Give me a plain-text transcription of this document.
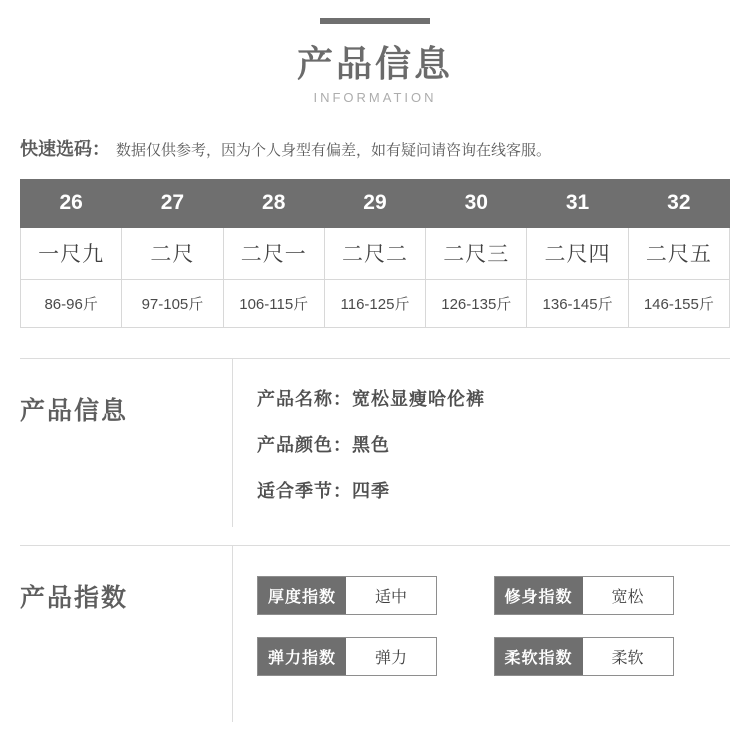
产品信息
INFORMATION
快速选码： 数据仅供参考，因为个人身型有偏差，如有疑问请咨询在线客服。
26	27	28	29	30	31	32
一尺九	二尺	二尺一	二尺二	二尺三	二尺四	二尺五
86-96斤	97-105斤	106-115斤	116-125斤	126-135斤	136-145斤	146-155斤
产品信息	产品名称：宽松显瘦哈伦裤
产品颜色：黑色
适合季节：四季
产品指数	厚度指数	适中	修身指数	宽松
弹力指数	弹力	柔软指数	柔软
